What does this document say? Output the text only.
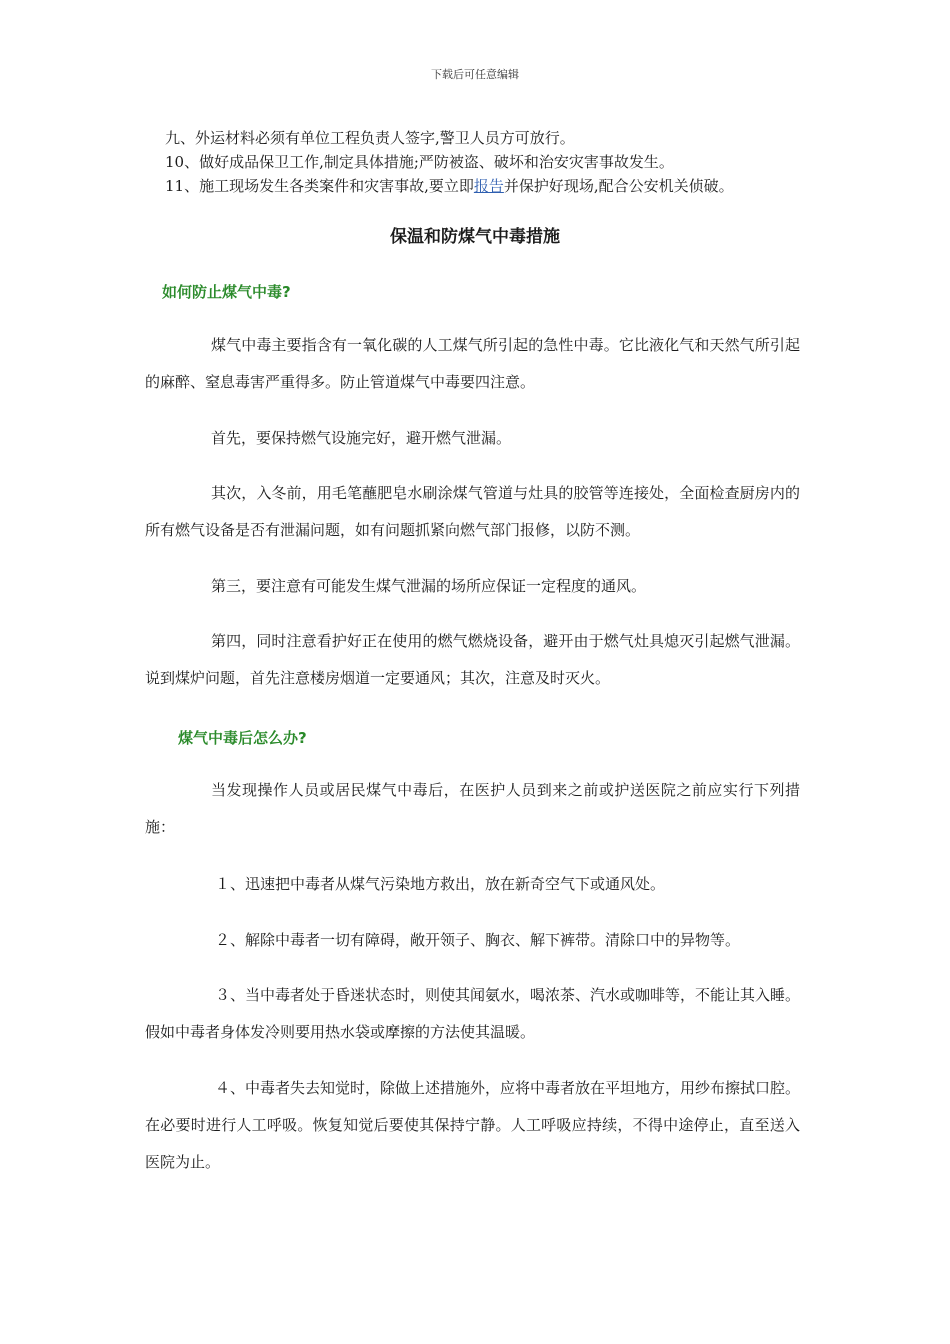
下载后可任意编辑
九、外运材料必须有单位工程负责人签字,警卫人员方可放行。
10、做好成品保卫工作,制定具体措施;严防被盗、破坏和治安灾害事故发生。
11、施工现场发生各类案件和灾害事故,要立即报告并保护好现场,配合公安机关侦破。
保温和防煤气中毒措施
如何防止煤气中毒?
煤气中毒主要指含有一氧化碳的人工煤气所引起的急性中毒。它比液化气和天然气所引起的麻醉、窒息毒害严重得多。防止管道煤气中毒要四注意。
首先，要保持燃气设施完好，避开燃气泄漏。
其次，入冬前，用毛笔蘸肥皂水刷涂煤气管道与灶具的胶管等连接处，全面检查厨房内的所有燃气设备是否有泄漏问题，如有问题抓紧向燃气部门报修，以防不测。
第三，要注意有可能发生煤气泄漏的场所应保证一定程度的通风。
第四，同时注意看护好正在使用的燃气燃烧设备，避开由于燃气灶具熄灭引起燃气泄漏。说到煤炉问题，首先注意楼房烟道一定要通风；其次，注意及时灭火。
煤气中毒后怎么办?
当发现操作人员或居民煤气中毒后，在医护人员到来之前或护送医院之前应实行下列措施：
１、迅速把中毒者从煤气污染地方救出，放在新奇空气下或通风处。
２、解除中毒者一切有障碍，敞开领子、胸衣、解下裤带。清除口中的异物等。
３、当中毒者处于昏迷状态时，则使其闻氨水，喝浓茶、汽水或咖啡等，不能让其入睡。假如中毒者身体发冷则要用热水袋或摩擦的方法使其温暖。
４、中毒者失去知觉时，除做上述措施外，应将中毒者放在平坦地方，用纱布擦拭口腔。在必要时进行人工呼吸。恢复知觉后要使其保持宁静。人工呼吸应持续，不得中途停止，直至送入医院为止。
